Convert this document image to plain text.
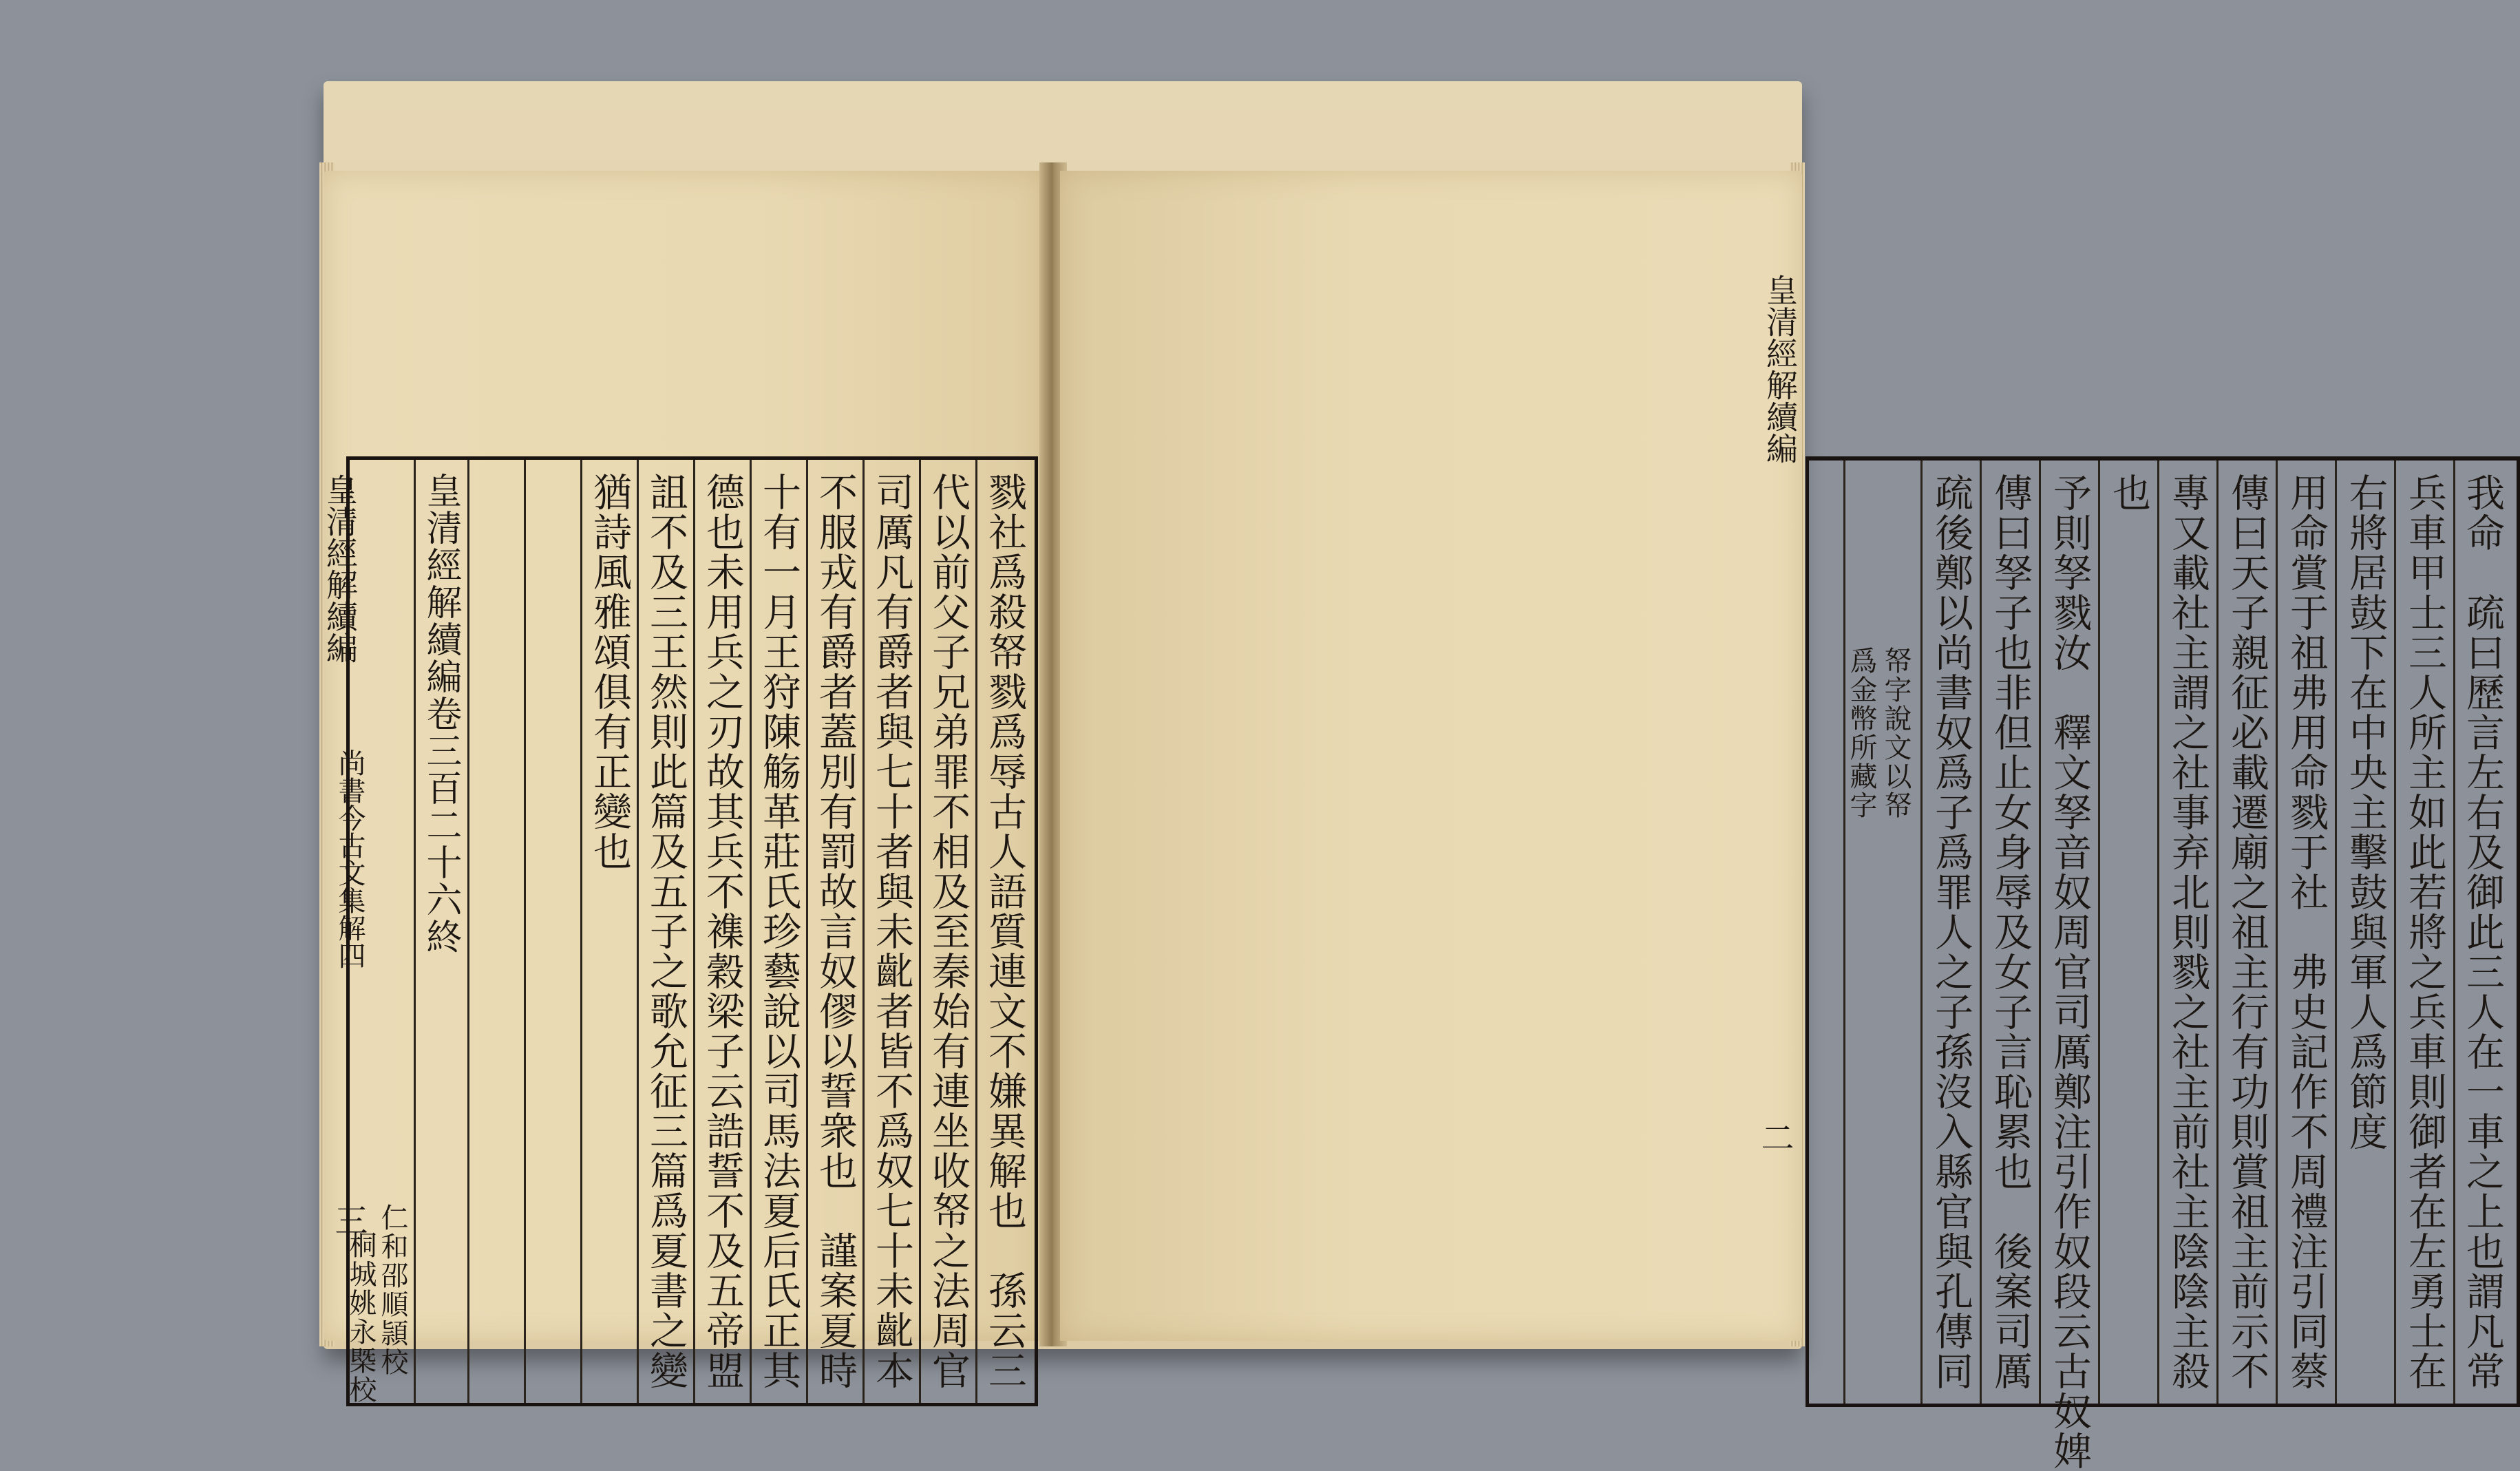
戮社爲殺帑戮爲辱古人語質連文不嫌異解也　孫云三
代以前父子兄弟罪不相及至秦始有連坐收帑之法周官
司厲凡有爵者與七十者與未齔者皆不爲奴七十未齔本
不服戎有爵者蓋別有罰故言奴僇以誓衆也　謹案夏時
十有一月王狩陳觞革莊氏珍藝說以司馬法夏后氏正其
德也未用兵之刃故其兵不襍穀梁子云誥誓不及五帝盟
詛不及三王然則此篇及五子之歌允征三篇爲夏書之變
猶詩風雅頌俱有正變也
皇清經解續編卷三百二十六終
仁和邵順頴校
桐城姚永槩校
皇清經解續編
尚書今古文集解四
三	我命　疏曰歷言左右及御此三人在一車之上也謂凡常
兵車甲士三人所主如此若將之兵車則御者在左勇士在
右將居鼓下在中央主擊鼓與軍人爲節度
用命賞于祖弗用命戮于社　弗史記作不周禮注引同蔡
傳曰天子親征必載遷廟之祖主行有功則賞祖主前示不
專又載社主謂之社事弃北則戮之社主前社主陰陰主殺
也
予則孥戮汝　釋文孥音奴周官司厲鄭注引作奴段云古奴婢
傳曰孥子也非但止女身辱及女子言恥累也　後案司厲
疏後鄭以尚書奴爲子爲罪人之子孫沒入縣官與孔傳同
帑字說文以帑
爲金幣所藏字
皇清經解續編
二
